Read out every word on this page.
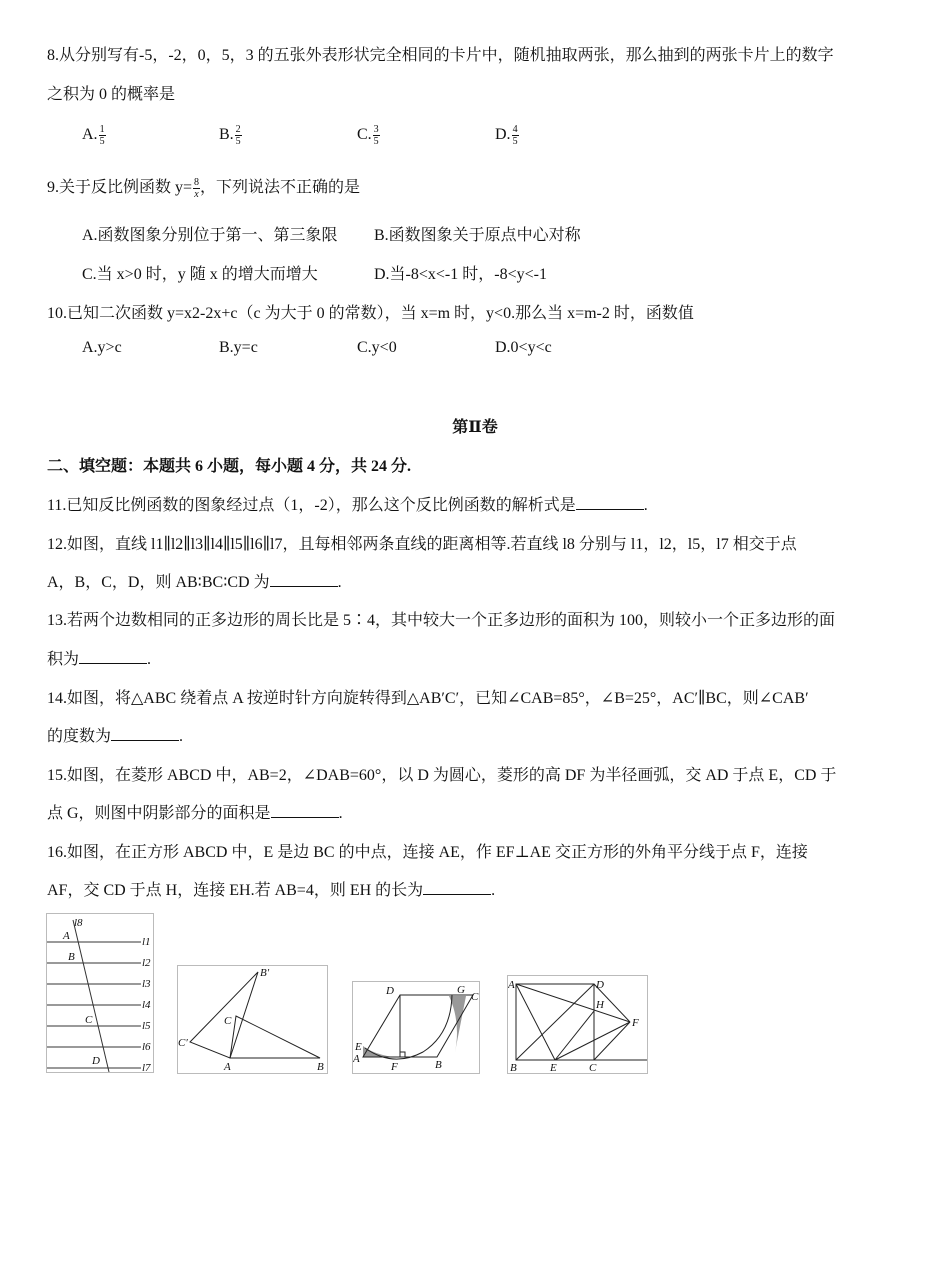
8.从分别写有-5，-2，0，5，3 的五张外表形状完全相同的卡片中，随机抽取两张，那么抽到的两张卡片上的数字
之积为 0 的概率是
A. $\frac{1}{5}$	B. $\frac{2}{5}$	C. $\frac{3}{5}$	D. $\frac{4}{5}$
9.关于反比例函数 $y= \frac{8}{x}$ ，下列说法不正确的是
A.函数图象分别位于第一、第三象限 B.函数图象关于原点中心对称
C.当 x>0 时，y 随 x 的增大而增大	D.当-8<x<-1 时，-8<y<-1
10.已知二次函数 y=x2-2x+c（c 为大于 0 的常数），当 x=m 时，y<0.那么当 x=m-2 时，函数值
A.y>c	B.y=c	C.y<0	D.0<y<c
第Ⅱ卷
二、填空题：本题共 6 小题，每小题 4 分，共 24 分.
11.已知反比例函数的图象经过点（1，-2），那么这个反比例函数的解析式是	.
12.如图，直线 l1∥l2∥l3∥l4∥l5∥l6∥l7，且每相邻两条直线的距离相等.若直线 l8 分别与 l1，l2，l5，l7 相交于点
A，B，C，D，则 AB∶BC∶CD 为	.
13.若两个边数相同的正多边形的周长比是 5∶4，其中较大一个正多边形的面积为 100，则较小一个正多边形的面
积为	.
14.如图，将△ABC 绕着点 A 按逆时针方向旋转得到△AB′C′，已知∠CAB=85°，∠B=25°，AC′∥BC，则∠CAB′
的度数为	.
15.如图，在菱形 ABCD 中，AB=2，∠DAB=60°，以 D 为圆心，菱形的高 DF 为半径画弧，交 AD 于点 E，CD 于
点 G，则图中阴影部分的面积是	.
16.如图，在正方形 ABCD 中，E 是边 BC 的中点，连接 AE，作 EF⊥AE 交正方形的外角平分线于点 F，连接
AF，交 CD 于点 H，连接 EH.若 AB=4，则 EH 的长为	.
l1
l2
l3
l4
l5
l6
l7
l8
A
B
C
D
B′
C
C′
A	B
D	G
C
E
A
F	B
A	D
H
F
B	E	C
